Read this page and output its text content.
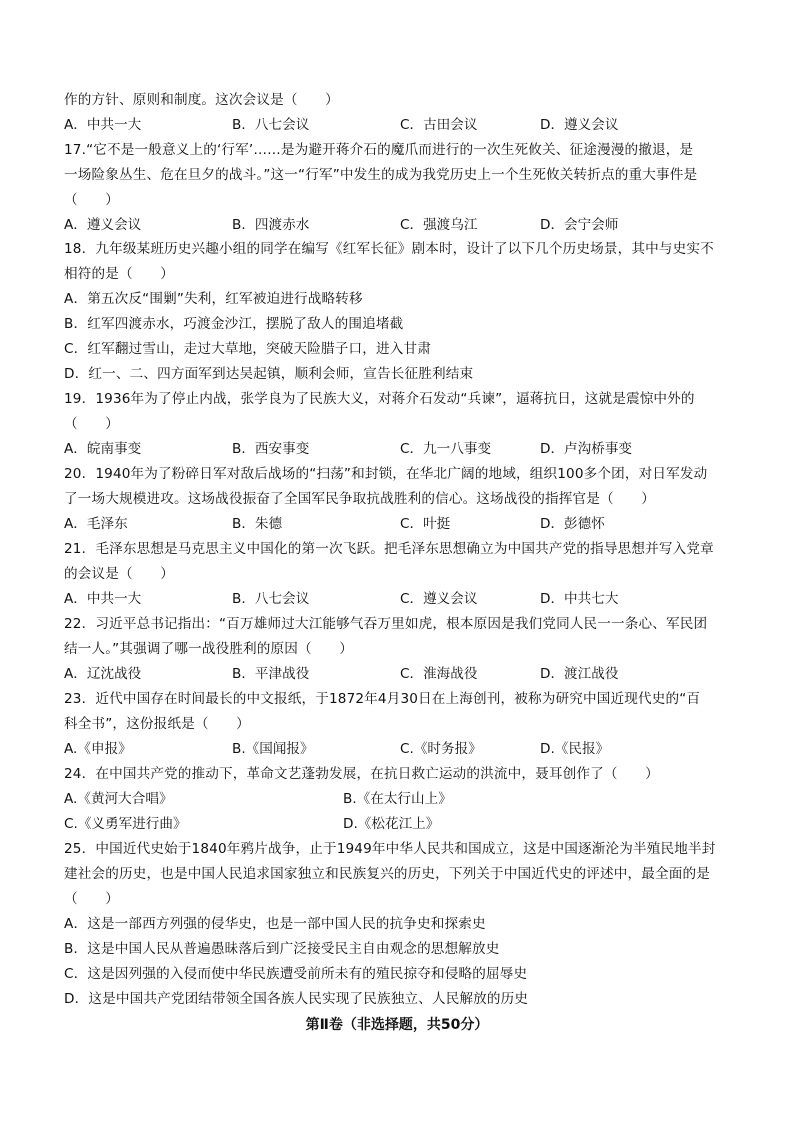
作的方针、原则和制度。这次会议是（　　）
A．中共一大	B．八七会议	C．古田会议	D．遵义会议
17.“它不是一般意义上的‘行军’……是为避开蒋介石的魔爪而进行的一次生死攸关、征途漫漫的撤退，是
一场险象丛生、危在旦夕的战斗。”这一“行军”中发生的成为我党历史上一个生死攸关转折点的重大事件是
（　　）
A．遵义会议	B．四渡赤水	C．强渡乌江	D．会宁会师
18．九年级某班历史兴趣小组的同学在编写《红军长征》剧本时，设计了以下几个历史场景，其中与史实不
相符的是（　　）
A．第五次反“围剿”失利，红军被迫进行战略转移
B．红军四渡赤水，巧渡金沙江，摆脱了敌人的围追堵截
C．红军翻过雪山，走过大草地，突破天险腊子口，进入甘肃
D．红一、二、四方面军到达吴起镇，顺利会师，宣告长征胜利结束
19．1936年为了停止内战，张学良为了民族大义，对蒋介石发动“兵谏”，逼蒋抗日，这就是震惊中外的
（　　）
A．皖南事变	B．西安事变	C．九一八事变	D．卢沟桥事变
20．1940年为了粉碎日军对敌后战场的“扫荡”和封锁，在华北广阔的地域，组织100多个团，对日军发动
了一场大规模进攻。这场战役振奋了全国军民争取抗战胜利的信心。这场战役的指挥官是（　　）
A．毛泽东	B．朱德	C．叶挺	D．彭德怀
21．毛泽东思想是马克思主义中国化的第一次飞跃。把毛泽东思想确立为中国共产党的指导思想并写入党章
的会议是（　　）
A．中共一大	B．八七会议	C．遵义会议	D．中共七大
22．习近平总书记指出：“百万雄师过大江能够气吞万里如虎，根本原因是我们党同人民一一条心、军民团
结一人。”其强调了哪一战役胜利的原因（　　）
A．辽沈战役	B．平津战役	C．淮海战役	D．渡江战役
23．近代中国存在时间最长的中文报纸，于1872年4月30日在上海创刊，被称为研究中国近现代史的“百
科全书”，这份报纸是（　　）
A.《申报》	B.《国闻报》	C.《时务报》	D.《民报》
24．在中国共产党的推动下，革命文艺蓬勃发展，在抗日救亡运动的洪流中，聂耳创作了（　　）
A.《黄河大合唱》	B.《在太行山上》
C.《义勇军进行曲》	D.《松花江上》
25．中国近代史始于1840年鸦片战争，止于1949年中华人民共和国成立，这是中国逐渐沦为半殖民地半封
建社会的历史，也是中国人民追求国家独立和民族复兴的历史，下列关于中国近代史的评述中，最全面的是
（　　）
A．这是一部西方列强的侵华史，也是一部中国人民的抗争史和探索史
B．这是中国人民从普遍愚昧落后到广泛接受民主自由观念的思想解放史
C．这是因列强的入侵而使中华民族遭受前所未有的殖民掠夺和侵略的屈辱史
D．这是中国共产党团结带领全国各族人民实现了民族独立、人民解放的历史
第Ⅱ卷（非选择题，共50分）
